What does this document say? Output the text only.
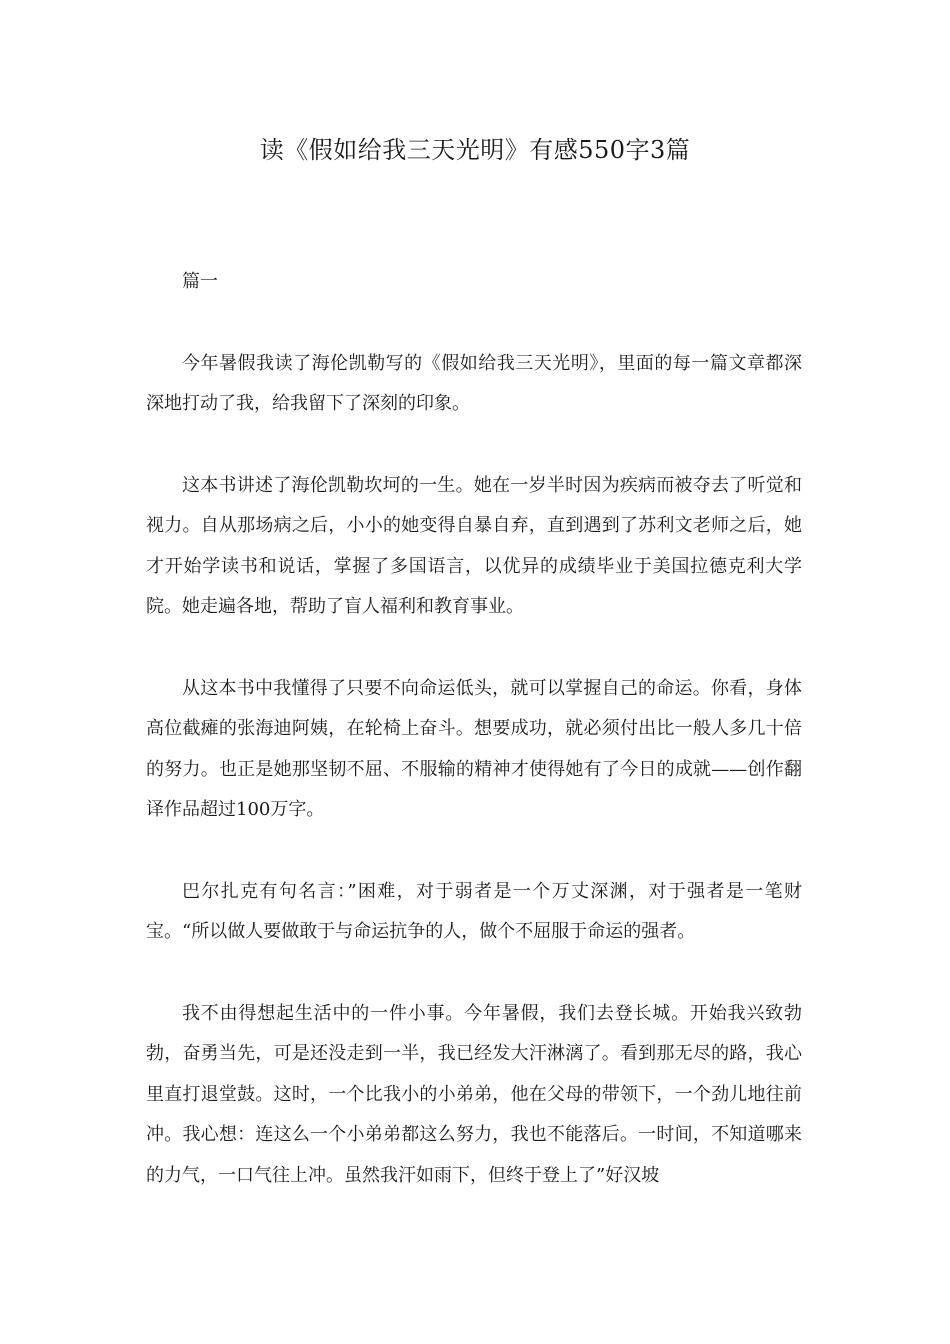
读《假如给我三天光明》有感550字3篇

篇一

今年暑假我读了海伦凯勒写的《假如给我三天光明》，里面的每一篇文章都深深地打动了我，给我留下了深刻的印象。

这本书讲述了海伦凯勒坎坷的一生。她在一岁半时因为疾病而被夺去了听觉和视力。自从那场病之后，小小的她变得自暴自弃，直到遇到了苏利文老师之后，她才开始学读书和说话，掌握了多国语言，以优异的成绩毕业于美国拉德克利大学院。她走遍各地，帮助了盲人福利和教育事业。

从这本书中我懂得了只要不向命运低头，就可以掌握自己的命运。你看，身体高位截瘫的张海迪阿姨，在轮椅上奋斗。想要成功，就必须付出比一般人多几十倍的努力。也正是她那坚韧不屈、不服输的精神才使得她有了今日的成就——创作翻译作品超过100万字。

巴尔扎克有句名言：”困难，对于弱者是一个万丈深渊，对于强者是一笔财宝。“所以做人要做敢于与命运抗争的人，做个不屈服于命运的强者。

我不由得想起生活中的一件小事。今年暑假，我们去登长城。开始我兴致勃勃，奋勇当先，可是还没走到一半，我已经发大汗淋漓了。看到那无尽的路，我心里直打退堂鼓。这时，一个比我小的小弟弟，他在父母的带领下，一个劲儿地往前冲。我心想：连这么一个小弟弟都这么努力，我也不能落后。一时间，不知道哪来的力气，一口气往上冲。虽然我汗如雨下，但终于登上了”好汉坡
